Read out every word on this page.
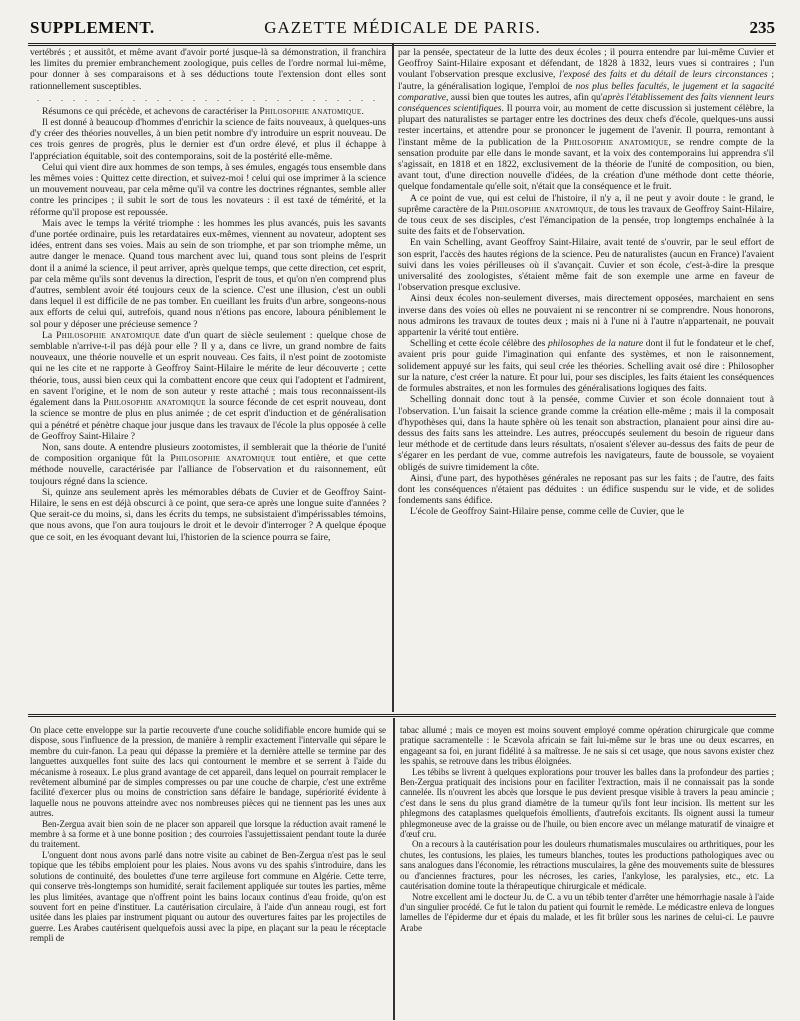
GAZETTE MÉDICALE DE PARIS.
SUPPLEMENT.	235

vertébrés ; et aussitôt, et même avant d'avoir porté jusque-là sa démonstration, il franchira les limites du premier embranchement zoologique, puis celles de l'ordre normal lui-même, pour donner à ses comparaisons et à ses déductions toute l'extension dont elles sont rationnellement susceptibles.

. . . . . . . . . . . . . . . . . . . . . . . . . . . . .

Résumons ce qui précède, et achevons de caractériser la Philosophie anatomique.

Il est donné à beaucoup d'hommes d'enrichir la science de faits nouveaux, à quelques-uns d'y créer des théories nouvelles, à un bien petit nombre d'y introduire un esprit nouveau. De ces trois genres de progrès, plus le dernier est d'un ordre élevé, et plus il échappe à l'appréciation équitable, soit des contemporains, soit de la postérité elle-même.

Celui qui vient dire aux hommes de son temps, à ses émules, engagés tous ensemble dans les mêmes voies : Quittez cette direction, et suivez-moi ! celui qui ose imprimer à la science un mouvement nouveau, par cela même qu'il va contre les doctrines régnantes, semble aller contre les principes ; il subit le sort de tous les novateurs : il est taxé de témérité, et la réforme qu'il propose est repoussée.

Mais avec le temps la vérité triomphe : les hommes les plus avancés, puis les savants d'une portée ordinaire, puis les retardataires eux-mêmes, viennent au novateur, adoptent ses idées, entrent dans ses voies. Mais au sein de son triomphe, et par son triomphe même, un autre danger le menace. Quand tous marchent avec lui, quand tous sont pleins de l'esprit dont il a animé la science, il peut arriver, après quelque temps, que cette direction, cet esprit, par cela même qu'ils sont devenus la direction, l'esprit de tous, et qu'on n'en comprend plus d'autres, semblent avoir été toujours ceux de la science. C'est une illusion, c'est un oubli dans lequel il est difficile de ne pas tomber. En cueillant les fruits d'un arbre, songeons-nous aux efforts de celui qui, autrefois, quand nous n'étions pas encore, laboura péniblement le sol pour y déposer une précieuse semence ?

La Philosophie anatomique date d'un quart de siècle seulement : quelque chose de semblable n'arrive-t-il pas déjà pour elle ? Il y a, dans ce livre, un grand nombre de faits nouveaux, une théorie nouvelle et un esprit nouveau. Ces faits, il n'est point de zootomiste qui ne les cite et ne rapporte à Geoffroy Saint-Hilaire le mérite de leur découverte ; cette théorie, tous, aussi bien ceux qui la combattent encore que ceux qui l'adoptent et l'admirent, en savent l'origine, et le nom de son auteur y reste attaché ; mais tous reconnaissent-ils également dans la Philosophie anatomique la source féconde de cet esprit nouveau, dont la science se montre de plus en plus animée ; de cet esprit d'induction et de généralisation qui a pénétré et pénètre chaque jour jusque dans les travaux de l'école la plus opposée à celle de Geoffroy Saint-Hilaire ?

Non, sans doute. A entendre plusieurs zootomistes, il semblerait que la théorie de l'unité de composition organique fût la Philosophie anatomique tout entière, et que cette méthode nouvelle, caractérisée par l'alliance de l'observation et du raisonnement, eût toujours régné dans la science.

Si, quinze ans seulement après les mémorables débats de Cuvier et de Geoffroy Saint-Hilaire, le sens en est déjà obscurci à ce point, que sera-ce après une longue suite d'années ? Que serait-ce du moins, si, dans les écrits du temps, ne subsistaient d'impérissables témoins, que nous avons, que l'on aura toujours le droit et le devoir d'interroger ? A quelque époque que ce soit, en les évoquant devant lui, l'historien de la science pourra se faire,

par la pensée, spectateur de la lutte des deux écoles ; il pourra entendre par lui-même Cuvier et Geoffroy Saint-Hilaire exposant et défendant, de 1828 à 1832, leurs vues si contraires ; l'un voulant l'observation presque exclusive, l'exposé des faits et du détail de leurs circonstances ; l'autre, la généralisation logique, l'emploi de nos plus belles facultés, le jugement et la sagacité comparative, aussi bien que toutes les autres, afin qu'après l'établissement des faits viennent leurs conséquences scientifiques. Il pourra voir, au moment de cette discussion si justement célèbre, la plupart des naturalistes se partager entre les doctrines des deux chefs d'école, quelques-uns aussi rester incertains, et attendre pour se prononcer le jugement de l'avenir. Il pourra, remontant à l'instant même de la publication de la Philosophie anatomique, se rendre compte de la sensation produite par elle dans le monde savant, et la voix des contemporains lui apprendra s'il s'agissait, en 1818 et en 1822, exclusivement de la théorie de l'unité de composition, ou bien, avant tout, d'une direction nouvelle d'idées, de la création d'une méthode dont cette théorie, quelque fondamentale qu'elle soit, n'était que la conséquence et le fruit.

A ce point de vue, qui est celui de l'histoire, il n'y a, il ne peut y avoir doute : le grand, le suprême caractère de la Philosophie anatomique, de tous les travaux de Geoffroy Saint-Hilaire, de tous ceux de ses disciples, c'est l'émancipation de la pensée, trop longtemps enchaînée à la suite des faits et de l'observation.

En vain Schelling, avant Geoffroy Saint-Hilaire, avait tenté de s'ouvrir, par le seul effort de son esprit, l'accès des hautes régions de la science. Peu de naturalistes (aucun en France) l'avaient suivi dans les voies périlleuses où il s'avançait. Cuvier et son école, c'est-à-dire la presque universalité des zoologistes, s'étaient même fait de son exemple une arme en faveur de l'observation presque exclusive.

Ainsi deux écoles non-seulement diverses, mais directement opposées, marchaient en sens inverse dans des voies où elles ne pouvaient ni se rencontrer ni se comprendre. Nous honorons, nous admirons les travaux de toutes deux ; mais ni à l'une ni à l'autre n'appartenait, ne pouvait appartenir la vérité tout entière.

Schelling et cette école célèbre des philosophes de la nature dont il fut le fondateur et le chef, avaient pris pour guide l'imagination qui enfante des systèmes, et non le raisonnement, solidement appuyé sur les faits, qui seul crée les théories. Schelling avait osé dire : Philosopher sur la nature, c'est créer la nature. Et pour lui, pour ses disciples, les faits étaient les conséquences de formules abstraites, et non les formules des généralisations logiques des faits.

Schelling donnait donc tout à la pensée, comme Cuvier et son école donnaient tout à l'observation. L'un faisait la science grande comme la création elle-même ; mais il la composait d'hypothèses qui, dans la haute sphère où les tenait son abstraction, planaient pour ainsi dire au-dessus des faits sans les atteindre. Les autres, préoccupés seulement du besoin de rigueur dans leur méthode et de certitude dans leurs résultats, n'osaient s'élever au-dessus des faits de peur de s'égarer en les perdant de vue, comme autrefois les navigateurs, faute de boussole, se voyaient obligés de suivre timidement la côte.

Ainsi, d'une part, des hypothèses générales ne reposant pas sur les faits ; de l'autre, des faits dont les conséquences n'étaient pas déduites : un édifice suspendu sur le vide, et de solides fondements sans édifice.

L'école de Geoffroy Saint-Hilaire pense, comme celle de Cuvier, que le

On place cette enveloppe sur la partie recouverte d'une couche solidifiable encore humide qui se dispose, sous l'influence de la pression, de manière à remplir exactement l'intervalle qui sépare le membre du cuir-fanon. La peau qui dépasse la première et la dernière attelle se termine par des languettes auxquelles font suite des lacs qui contournent le membre et se serrent à l'aide du mécanisme à roseaux. Le plus grand avantage de cet appareil, dans lequel on pourrait remplacer le revêtement albuminé par de simples compresses ou par une couche de charpie, c'est une extrême facilité d'exercer plus ou moins de constriction sans défaire le bandage, supériorité évidente à laquelle nous ne pouvons atteindre avec nos nombreuses pièces qui ne tiennent pas les unes aux autres.

Ben-Zergua avait bien soin de ne placer son appareil que lorsque la réduction avait ramené le membre à sa forme et à une bonne position ; des courroies l'assujettissaient pendant toute la durée du traitement.

L'onguent dont nous avons parlé dans notre visite au cabinet de Ben-Zergua n'est pas le seul topique que les tébibs emploient pour les plaies. Nous avons vu des spahis s'introduire, dans les solutions de continuité, des boulettes d'une terre argileuse fort commune en Algérie. Cette terre, qui conserve très-longtemps son humidité, serait facilement appliquée sur toutes les parties, même les plus limitées, avantage que n'offrent point les bains locaux continus d'eau froide, qu'on est souvent fort en peine d'instituer. La cautérisation circulaire, à l'aide d'un anneau rougi, est fort usitée dans les plaies par instrument piquant ou autour des ouvertures faites par les projectiles de guerre. Les Arabes cautérisent quelquefois aussi avec la pipe, en plaçant sur la peau le réceptacle rempli de

tabac allumé ; mais ce moyen est moins souvent employé comme opération chirurgicale que comme pratique sacramentelle : le Scævola africain se fait lui-même sur le bras une ou deux escarres, en engageant sa foi, en jurant fidélité à sa maîtresse. Je ne sais si cet usage, que nous savons exister chez les spahis, se retrouve dans les tribus éloignées.

Les tébibs se livrent à quelques explorations pour trouver les balles dans la profondeur des parties ; Ben-Zergua pratiquait des incisions pour en faciliter l'extraction, mais il ne connaissait pas la sonde cannelée. Ils n'ouvrent les abcès que lorsque le pus devient presque visible à travers la peau amincie ; c'est dans le sens du plus grand diamètre de la tumeur qu'ils font leur incision. Ils mettent sur les phlegmons des cataplasmes quelquefois émollients, d'autrefois excitants. Ils oignent aussi la tumeur phlegmoneuse avec de la graisse ou de l'huile, ou bien encore avec un mélange maturatif de vinaigre et d'œuf cru.

On a recours à la cautérisation pour les douleurs rhumatismales musculaires ou arthritiques, pour les chutes, les contusions, les plaies, les tumeurs blanches, toutes les productions pathologiques avec ou sans analogues dans l'économie, les rétractions musculaires, la gêne des mouvements suite de blessures ou d'anciennes fractures, pour les nécroses, les caries, l'ankylose, les paralysies, etc., etc. La cautérisation domine toute la thérapeutique chirurgicale et médicale.

Notre excellent ami le docteur Ju. de C. a vu un tébib tenter d'arrêter une hémorrhagie nasale à l'aide d'un singulier procédé. Ce fut le talon du patient qui fournit le remède. Le médicastre enleva de longues lamelles de l'épiderme dur et épais du malade, et les fit brûler sous les narines de celui-ci. Le pauvre Arabe
